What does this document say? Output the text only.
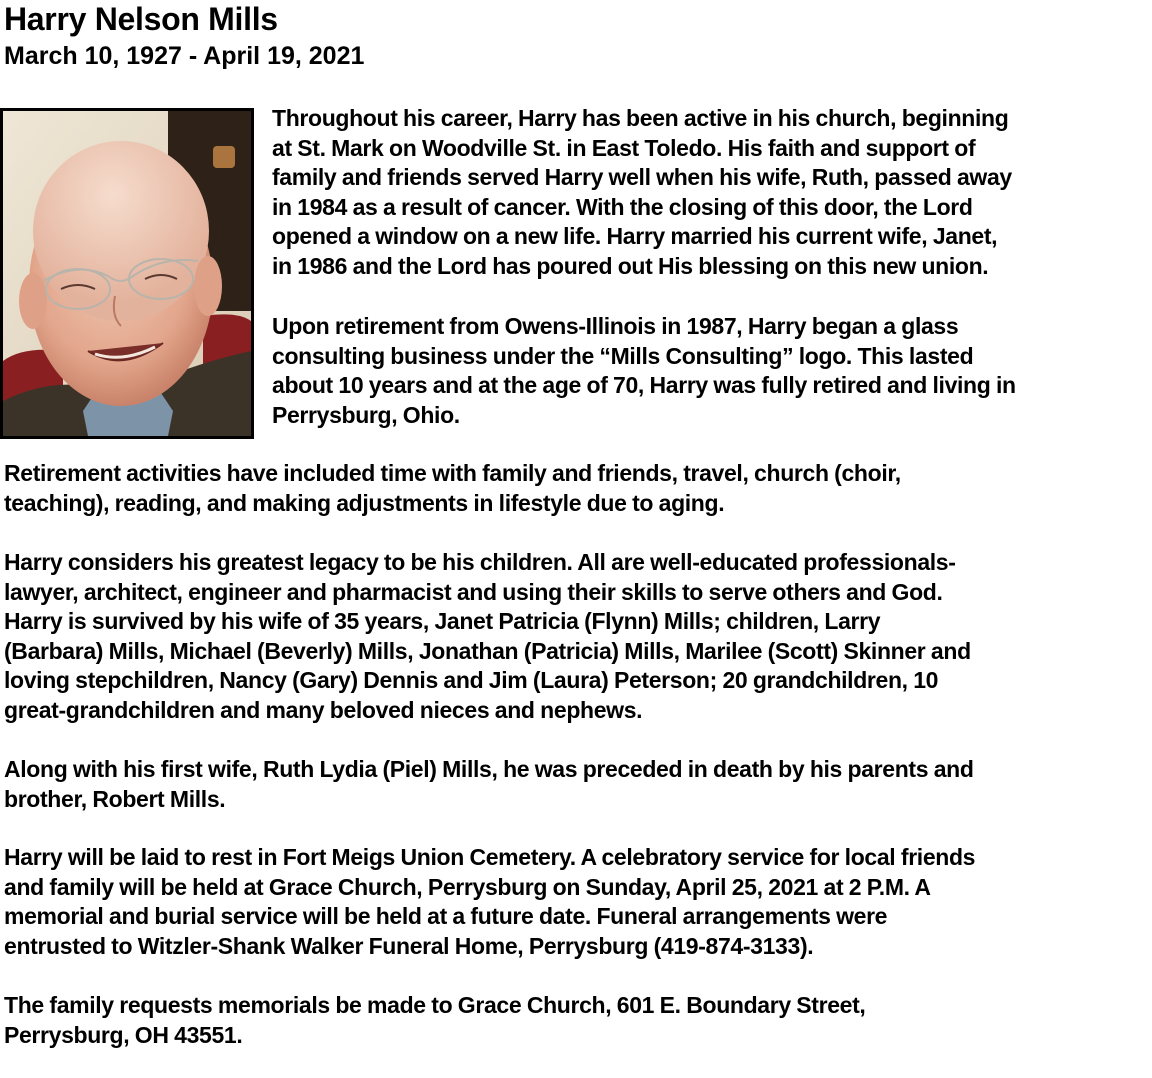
Harry Nelson Mills
March 10, 1927 - April 19, 2021

Throughout his career, Harry has been active in his church, beginning
at St. Mark on Woodville St. in East Toledo. His faith and support of
family and friends served Harry well when his wife, Ruth, passed away
in 1984 as a result of cancer. With the closing of this door, the Lord
opened a window on a new life. Harry married his current wife, Janet,
in 1986 and the Lord has poured out His blessing on this new union.

Upon retirement from Owens-Illinois in 1987, Harry began a glass
consulting business under the “Mills Consulting” logo. This lasted
about 10 years and at the age of 70, Harry was fully retired and living in
Perrysburg, Ohio.

Retirement activities have included time with family and friends, travel, church (choir,
teaching), reading, and making adjustments in lifestyle due to aging.

Harry considers his greatest legacy to be his children. All are well-educated professionals-
lawyer, architect, engineer and pharmacist and using their skills to serve others and God.
Harry is survived by his wife of 35 years, Janet Patricia (Flynn) Mills; children, Larry
(Barbara) Mills, Michael (Beverly) Mills, Jonathan (Patricia) Mills, Marilee (Scott) Skinner and
loving stepchildren, Nancy (Gary) Dennis and Jim (Laura) Peterson; 20 grandchildren, 10
great-grandchildren and many beloved nieces and nephews.

Along with his first wife, Ruth Lydia (Piel) Mills, he was preceded in death by his parents and
brother, Robert Mills.

Harry will be laid to rest in Fort Meigs Union Cemetery. A celebratory service for local friends
and family will be held at Grace Church, Perrysburg on Sunday, April 25, 2021 at 2 P.M. A
memorial and burial service will be held at a future date. Funeral arrangements were
entrusted to Witzler-Shank Walker Funeral Home, Perrysburg (419-874-3133).

The family requests memorials be made to Grace Church, 601 E. Boundary Street,
Perrysburg, OH 43551.
